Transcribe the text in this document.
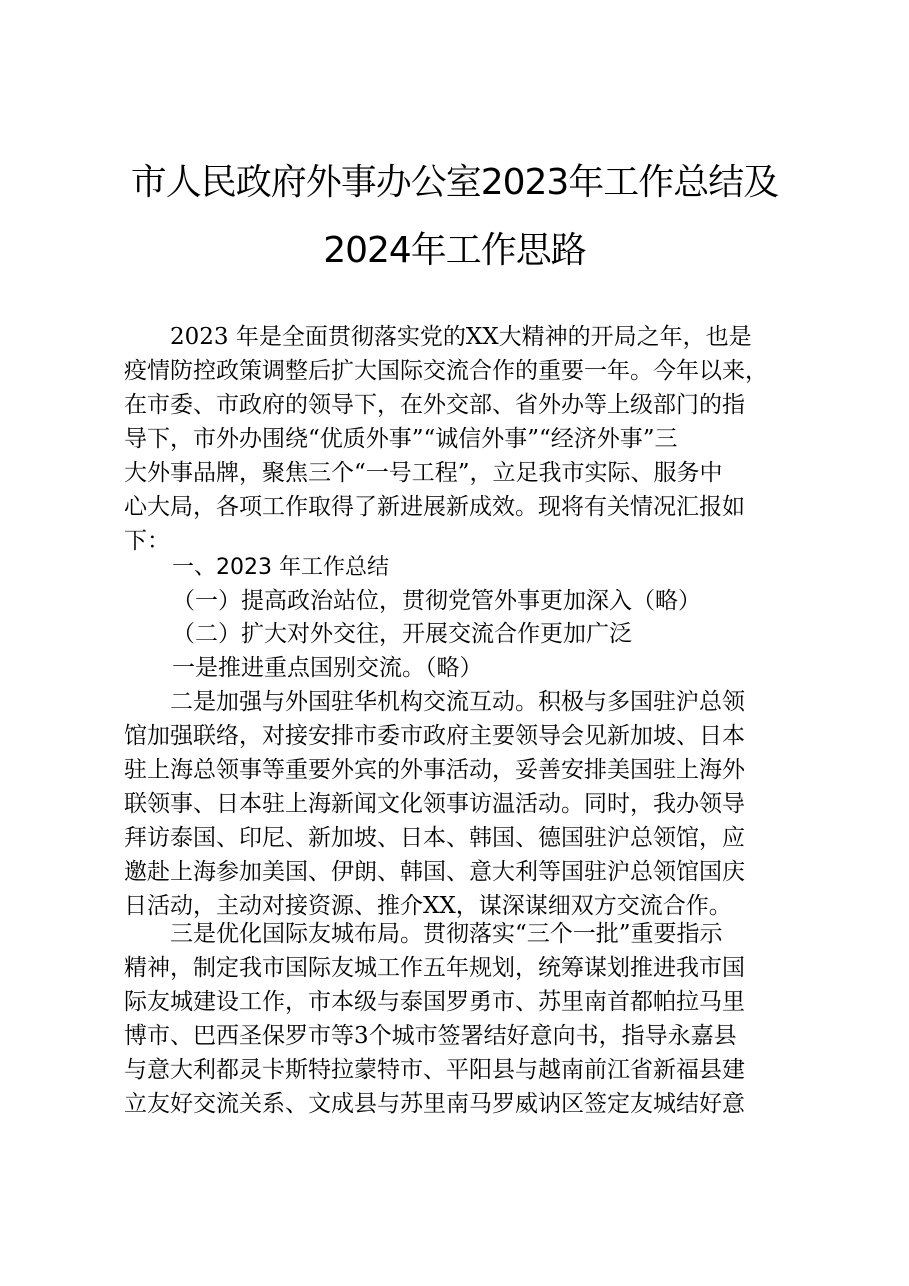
市人民政府外事办公室2023年工作总结及
2024年工作思路
　　2023 年是全面贯彻落实党的XX大精神的开局之年，也是
疫情防控政策调整后扩大国际交流合作的重要一年。今年以来，
在市委、市政府的领导下，在外交部、省外办等上级部门的指
导下，市外办围绕“优质外事”“诚信外事”“经济外事”三
大外事品牌，聚焦三个“一号工程”，立足我市实际、服务中
心大局，各项工作取得了新进展新成效。现将有关情况汇报如
下：
一、2023 年工作总结
（一）提高政治站位，贯彻党管外事更加深入（略）
（二）扩大对外交往，开展交流合作更加广泛
一是推进重点国别交流。（略）
　　二是加强与外国驻华机构交流互动。积极与多国驻沪总领
馆加强联络，对接安排市委市政府主要领导会见新加坡、日本
驻上海总领事等重要外宾的外事活动，妥善安排美国驻上海外
联领事、日本驻上海新闻文化领事访温活动。同时，我办领导
拜访泰国、印尼、新加坡、日本、韩国、德国驻沪总领馆，应
邀赴上海参加美国、伊朗、韩国、意大利等国驻沪总领馆国庆
日活动，主动对接资源、推介XX，谋深谋细双方交流合作。
　　三是优化国际友城布局。贯彻落实“三个一批”重要指示
精神，制定我市国际友城工作五年规划，统筹谋划推进我市国
际友城建设工作，市本级与泰国罗勇市、苏里南首都帕拉马里
博市、巴西圣保罗市等3个城市签署结好意向书，指导永嘉县
与意大利都灵卡斯特拉蒙特市、平阳县与越南前江省新福县建
立友好交流关系、文成县与苏里南马罗威讷区签定友城结好意
